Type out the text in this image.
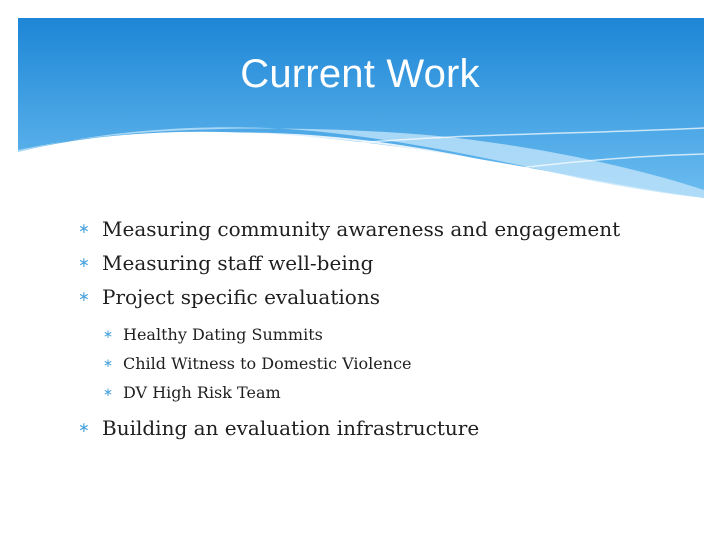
Current Work
∗ Measuring community awareness and engagement
∗ Measuring staff well-being
∗ Project specific evaluations
∗ Healthy Dating Summits
∗ Child Witness to Domestic Violence
∗ DV High Risk Team
∗ Building an evaluation infrastructure
